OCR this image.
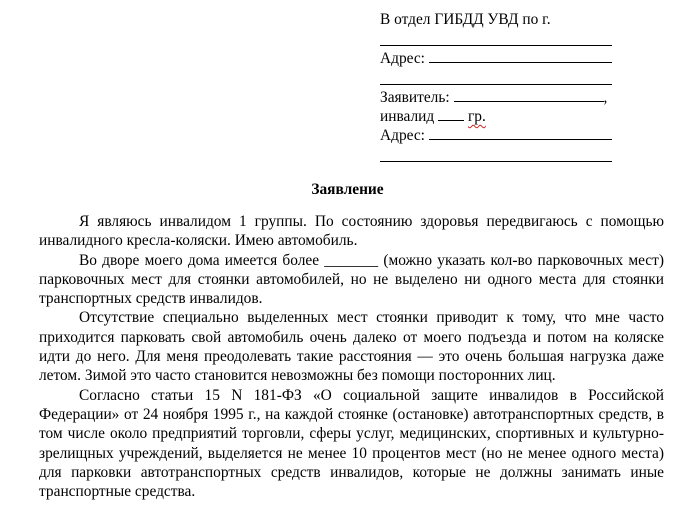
В отдел ГИБДД УВД по г.
Адрес:
Заявитель:	,
инвалид гр.
Адрес:
Заявление

Я являюсь инвалидом 1 группы. По состоянию здоровья передвигаюсь с помощью инвалидного кресла-коляски. Имею автомобиль.

Во дворе моего дома имеется более _______ (можно указать кол-во парковочных мест) парковочных мест для стоянки автомобилей, но не выделено ни одного места для стоянки транспортных средств инвалидов.

Отсутствие специально выделенных мест стоянки приводит к тому, что мне часто приходится парковать свой автомобиль очень далеко от моего подъезда и потом на коляске идти до него. Для меня преодолевать такие расстояния — это очень большая нагрузка даже летом. Зимой это часто становится невозможны без помощи посторонних лиц.

Согласно статьи 15 N 181-ФЗ «О социальной защите инвалидов в Российской Федерации» от 24 ноября 1995 г., на каждой стоянке (остановке) автотранспортных средств, в том числе около предприятий торговли, сферы услуг, медицинских, спортивных и культурно-зрелищных учреждений, выделяется не менее 10 процентов мест (но не менее одного места) для парковки автотранспортных средств инвалидов, которые не должны занимать иные транспортные средства.
